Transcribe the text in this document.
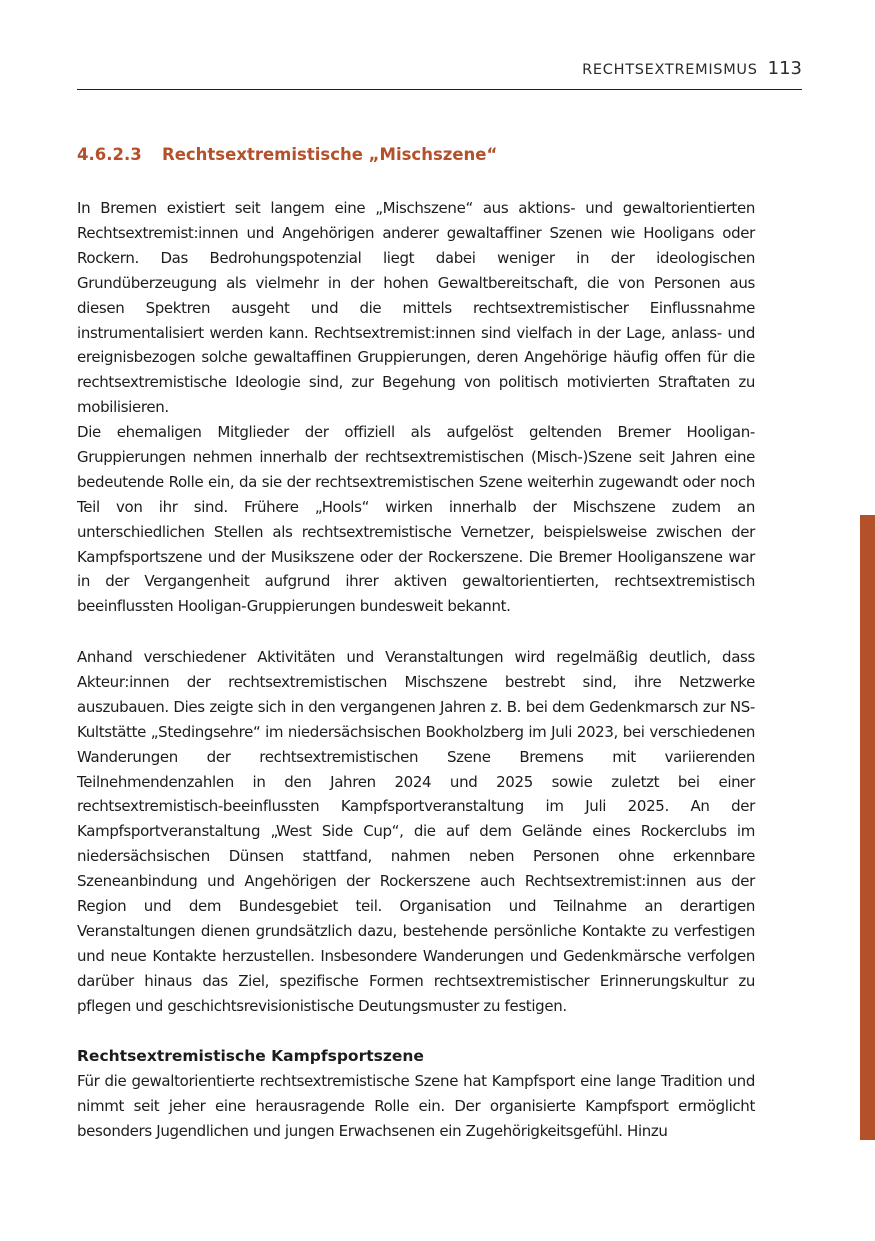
RECHTSEXTREMISMUS 113
4.6.2.3 Rechtsextremistische „Mischszene“

In Bremen existiert seit langem eine „Mischszene“ aus aktions- und gewaltorientierten Rechtsextremist:innen und Angehörigen anderer gewaltaffiner Szenen wie Hooligans oder Rockern. Das Bedrohungspotenzial liegt dabei weniger in der ideologischen Grundüberzeugung als vielmehr in der hohen Gewaltbereitschaft, die von Personen aus diesen Spektren ausgeht und die mittels rechtsextremistischer Einflussnahme instrumentalisiert werden kann. Rechtsextremist:innen sind vielfach in der Lage, anlass- und ereignisbezogen solche gewaltaffinen Gruppierungen, deren Angehörige häufig offen für die rechtsextremistische Ideologie sind, zur Begehung von politisch motivierten Straftaten zu mobilisieren.

Die ehemaligen Mitglieder der offiziell als aufgelöst geltenden Bremer Hooligan-Gruppierungen nehmen innerhalb der rechtsextremistischen (Misch-)Szene seit Jahren eine bedeutende Rolle ein, da sie der rechtsextremistischen Szene weiterhin zugewandt oder noch Teil von ihr sind. Frühere „Hools“ wirken innerhalb der Mischszene zudem an unterschiedlichen Stellen als rechtsextremistische Vernetzer, beispielsweise zwischen der Kampfsportszene und der Musikszene oder der Rockerszene. Die Bremer Hooliganszene war in der Vergangenheit aufgrund ihrer aktiven gewaltorientierten, rechtsextremistisch beeinflussten Hooligan-Gruppierungen bundesweit bekannt.

Anhand verschiedener Aktivitäten und Veranstaltungen wird regelmäßig deutlich, dass Akteur:innen der rechtsextremistischen Mischszene bestrebt sind, ihre Netzwerke auszubauen. Dies zeigte sich in den vergangenen Jahren z. B. bei dem Gedenkmarsch zur NS-Kultstätte „Stedingsehre“ im niedersächsischen Bookholzberg im Juli 2023, bei verschiedenen Wanderungen der rechtsextremistischen Szene Bremens mit variierenden Teilnehmendenzahlen in den Jahren 2024 und 2025 sowie zuletzt bei einer rechtsextremistisch-beeinflussten Kampfsportveranstaltung im Juli 2025. An der Kampfsportveranstaltung „West Side Cup“, die auf dem Gelände eines Rockerclubs im niedersächsischen Dünsen stattfand, nahmen neben Personen ohne erkennbare Szeneanbindung und Angehörigen der Rockerszene auch Rechtsextremist:innen aus der Region und dem Bundesgebiet teil. Organisation und Teilnahme an derartigen Veranstaltungen dienen grundsätzlich dazu, bestehende persönliche Kontakte zu verfestigen und neue Kontakte herzustellen. Insbesondere Wanderungen und Gedenkmärsche verfolgen darüber hinaus das Ziel, spezifische Formen rechtsextremistischer Erinnerungskultur zu pflegen und geschichtsrevisionistische Deutungsmuster zu festigen.

Rechtsextremistische Kampfsportszene

Für die gewaltorientierte rechtsextremistische Szene hat Kampfsport eine lange Tradition und nimmt seit jeher eine herausragende Rolle ein. Der organisierte Kampfsport ermöglicht besonders Jugendlichen und jungen Erwachsenen ein Zugehörigkeitsgefühl. Hinzu
